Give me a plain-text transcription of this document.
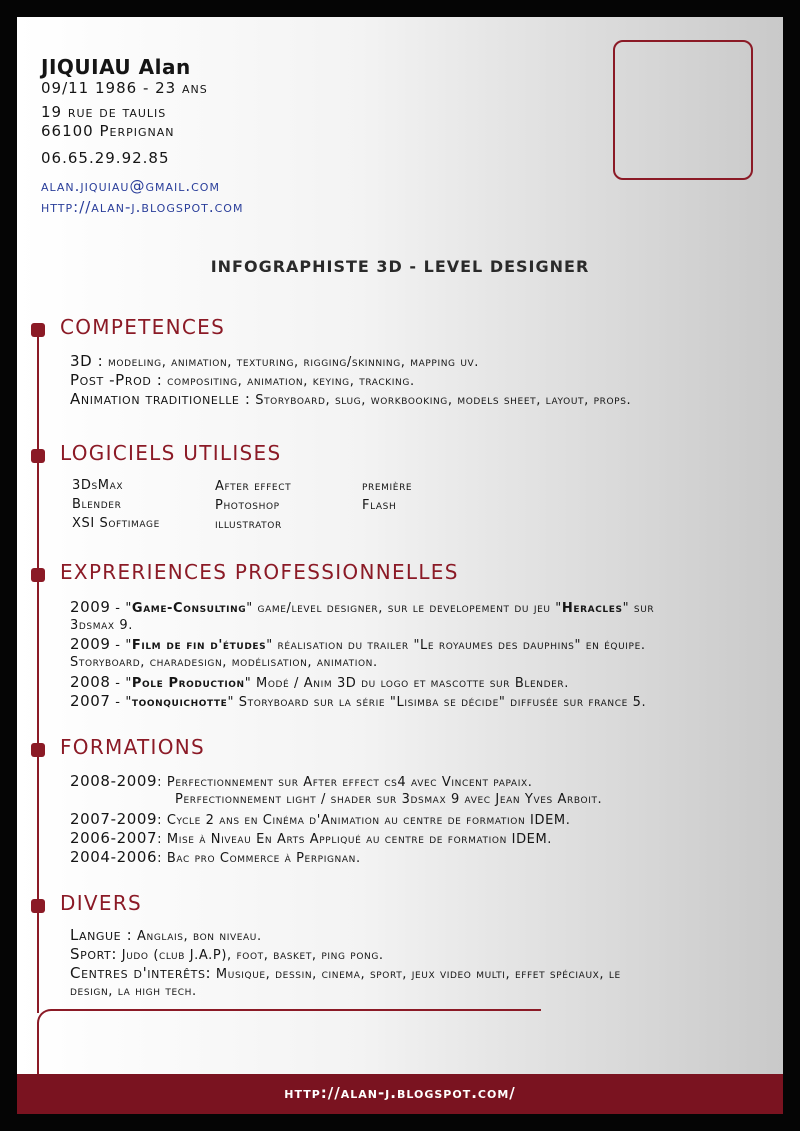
JIQUIAU Alan
09/11 1986 - 23 ans
19 rue de taulis
66100 Perpignan
06.65.29.92.85
alan.jiquiau@gmail.com
http://alan-j.blogspot.com
INFOGRAPHISTE 3D - LEVEL DESIGNER
COMPETENCES
3D : modeling, animation, texturing, rigging/skinning, mapping uv.
Post -Prod : compositing, animation, keying, tracking.
Animation traditionelle : Storyboard, slug, workbooking, models sheet, layout, props.
LOGICIELS UTILISES
3DsMax
Blender
XSI Softimage
After effect
Photoshop
illustrator
première
Flash
EXPRERIENCES PROFESSIONNELLES
2009 - "Game-Consulting" game/level designer, sur le developement du jeu "Heracles" sur
3dsmax 9.
2009 - "Film de fin d'études" réalisation du trailer "Le royaumes des dauphins" en équipe.
Storyboard, charadesign, modélisation, animation.
2008 - "Pole Production" Modé / Anim 3D du logo et mascotte sur Blender.
2007 - "toonquichotte" Storyboard sur la série "Lisimba se décide" diffusée sur france 5.
FORMATIONS
2008-2009: Perfectionnement sur After effect cs4 avec Vincent papaix.
Perfectionnement light / shader sur 3dsmax 9 avec Jean Yves Arboit.
2007-2009: Cycle 2 ans en Cinéma d'Animation au centre de formation IDEM.
2006-2007: Mise à Niveau En Arts Appliqué au centre de formation IDEM.
2004-2006: Bac pro Commerce à Perpignan.
DIVERS
Langue : Anglais, bon niveau.
Sport: Judo (club J.A.P), foot, basket, ping pong.
Centres d'interêts: Musique, dessin, cinema, sport, jeux video multi, effet spéciaux, le
design, la high tech.
http://alan-j.blogspot.com/
